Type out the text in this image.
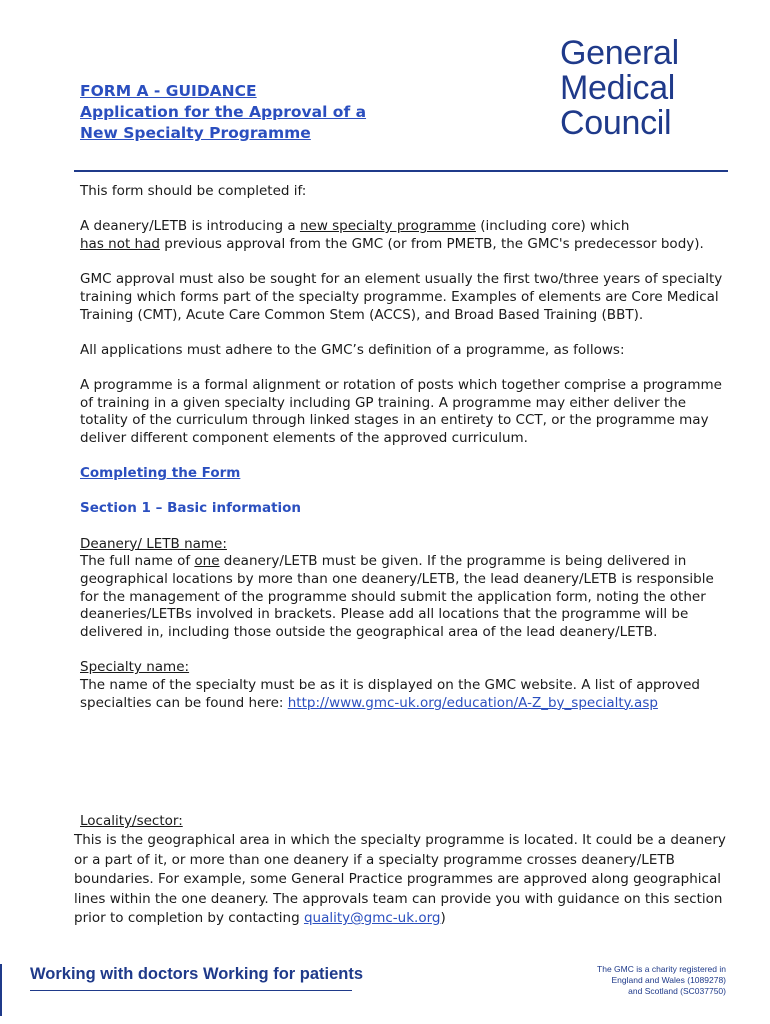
General
Medical
Council
FORM A - GUIDANCE
Application for the Approval of a
New Specialty Programme

This form should be completed if:

A deanery/LETB is introducing a new specialty programme (including core) which
has not had previous approval from the GMC (or from PMETB, the GMC's predecessor body).

GMC approval must also be sought for an element usually the first two/three years of specialty training which forms part of the specialty programme. Examples of elements are Core Medical Training (CMT), Acute Care Common Stem (ACCS), and Broad Based Training (BBT).

All applications must adhere to the GMC’s definition of a programme, as follows:

A programme is a formal alignment or rotation of posts which together comprise a programme of training in a given specialty including GP training. A programme may either deliver the totality of the curriculum through linked stages in an entirety to CCT, or the programme may deliver different component elements of the approved curriculum.

Completing the Form

Section 1 – Basic information

Deanery/ LETB name:
The full name of one deanery/LETB must be given. If the programme is being delivered in geographical locations by more than one deanery/LETB, the lead deanery/LETB is responsible for the management of the programme should submit the application form, noting the other deaneries/LETBs involved in brackets. Please add all locations that the programme will be delivered in, including those outside the geographical area of the lead deanery/LETB.

Specialty name:
The name of the specialty must be as it is displayed on the GMC website. A list of approved specialties can be found here: http://www.gmc-uk.org/education/A-Z_by_specialty.asp

Locality/sector:
This is the geographical area in which the specialty programme is located. It could be a deanery or a part of it, or more than one deanery if a specialty programme crosses deanery/LETB boundaries. For example, some General Practice programmes are approved along geographical lines within the one deanery. The approvals team can provide you with guidance on this section prior to completion by contacting quality@gmc-uk.org)
Working with doctors Working for patients	The GMC is a charity registered in
England and Wales (1089278)
and Scotland (SC037750)
